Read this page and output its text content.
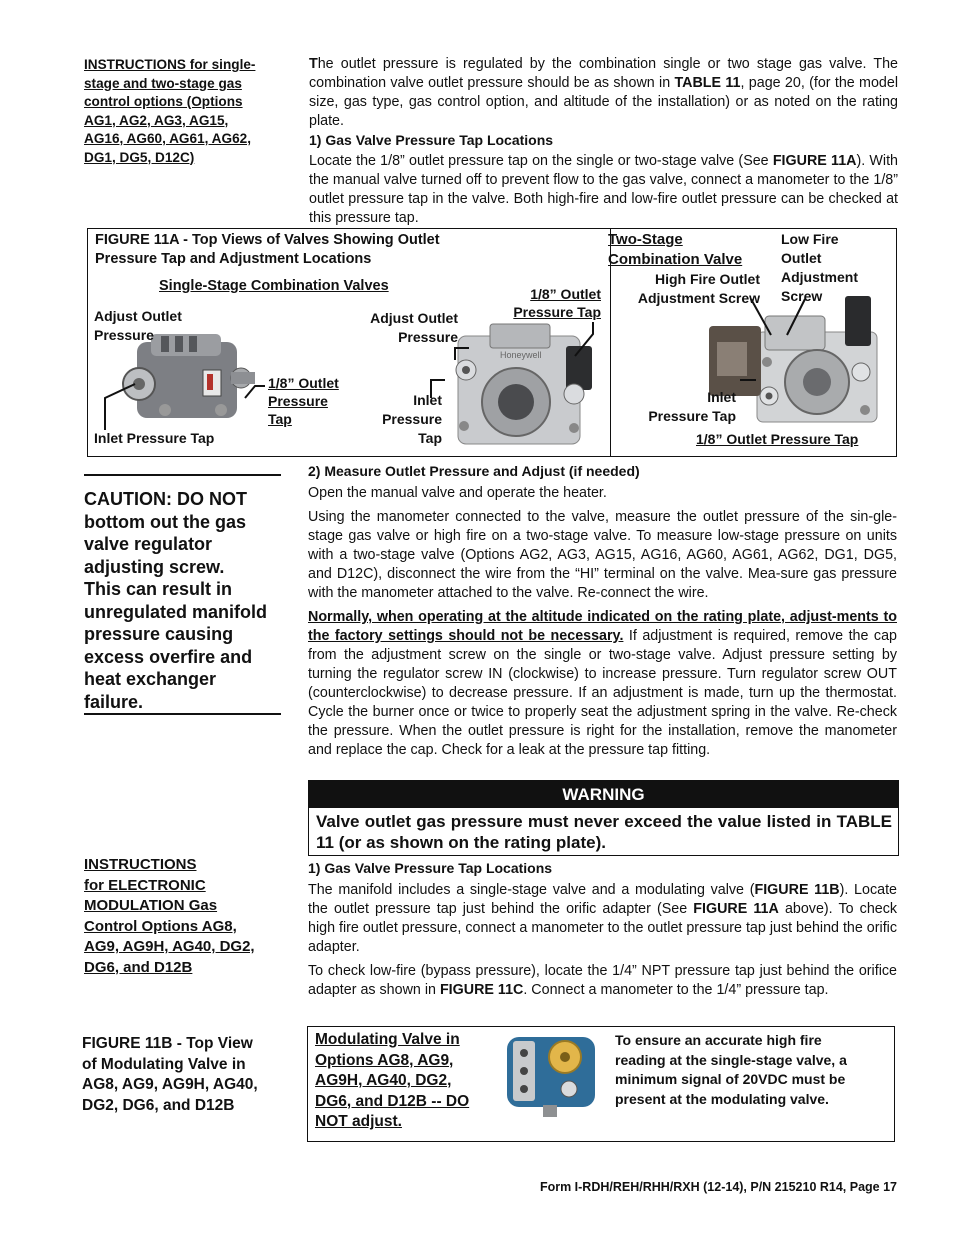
INSTRUCTIONS for single-
stage and two-stage gas
control options (Options
AG1, AG2, AG3, AG15,
AG16, AG60, AG61, AG62,
DG1, DG5, D12C)

The outlet pressure is regulated by the combination single or two stage gas valve. The combination valve outlet pressure should be as shown in TABLE 11, page 20, (for the model size, gas type, gas control option, and altitude of the installation) or as noted on the rating plate.

1) Gas Valve Pressure Tap Locations

Locate the 1/8” outlet pressure tap on the single or two-stage valve (See FIGURE 11A). With the manual valve turned off to prevent flow to the gas valve, connect a manometer to the 1/8” outlet pressure tap in the valve. Both high-fire and low-fire outlet pressure can be checked at this pressure tap.

FIGURE 11A - Top Views of Valves Showing Outlet
Pressure Tap and Adjustment Locations
Single-Stage Combination Valves
Two-Stage
Combination Valve
Adjust Outlet
Pressure
1/8” Outlet
Pressure
Tap
Inlet Pressure Tap
Honeywell
1/8” Outlet
Pressure Tap
Adjust Outlet
Pressure
Inlet
Pressure
Tap
High Fire Outlet
Adjustment Screw
Low Fire
Outlet
Adjustment
Screw
Inlet
Pressure Tap
1/8” Outlet Pressure Tap
CAUTION: DO NOT
bottom out the gas
valve regulator
adjusting screw.
This can result in
unregulated manifold
pressure causing
excess overfire and
heat exchanger
failure.
2) Measure Outlet Pressure and Adjust (if needed)

Open the manual valve and operate the heater.

Using the manometer connected to the valve, measure the outlet pressure of the sin-gle-stage gas valve or high fire on a two-stage valve. To measure low-stage pressure on units with a two-stage valve (Options AG2, AG3, AG15, AG16, AG60, AG61, AG62, DG1, DG5, and D12C), disconnect the wire from the “HI” terminal on the valve. Mea-sure gas pressure with the manometer attached to the valve. Re-connect the wire.

Normally, when operating at the altitude indicated on the rating plate, adjust-ments to the factory settings should not be necessary. If adjustment is required, remove the cap from the adjustment screw on the single or two-stage valve. Adjust pressure setting by turning the regulator screw IN (clockwise) to increase pressure. Turn regulator screw OUT (counterclockwise) to decrease pressure. If an adjustment is made, turn up the thermostat. Cycle the burner once or twice to properly seat the adjustment spring in the valve. Re-check the pressure. When the outlet pressure is right for the installation, remove the manometer and replace the cap. Check for a leak at the pressure tap fitting.

WARNING
Valve outlet gas pressure must never exceed the value listed in TABLE 11 (or as shown on the rating plate).
INSTRUCTIONS
for ELECTRONIC
MODULATION Gas
Control Options AG8,
AG9, AG9H, AG40, DG2,
DG6, and D12B
1) Gas Valve Pressure Tap Locations

The manifold includes a single-stage valve and a modulating valve (FIGURE 11B). Locate the outlet pressure tap just behind the orific adapter (See FIGURE 11A above). To check high fire outlet pressure, connect a manometer to the outlet pressure tap just behind the orific adapter.

To check low-fire (bypass pressure), locate the 1/4” NPT pressure tap just behind the orifice adapter as shown in FIGURE 11C. Connect a manometer to the 1/4” pressure tap.

FIGURE 11B - Top View
of Modulating Valve in
AG8, AG9, AG9H, AG40,
DG2, DG6, and D12B
Modulating Valve in
Options AG8, AG9,
AG9H, AG40, DG2,
DG6, and D12B -- DO
NOT adjust.
To ensure an accurate high fire
reading at the single-stage valve, a
minimum signal of 20VDC must be
present at the modulating valve.
Form I-RDH/REH/RHH/RXH (12-14), P/N 215210 R14, Page 17
